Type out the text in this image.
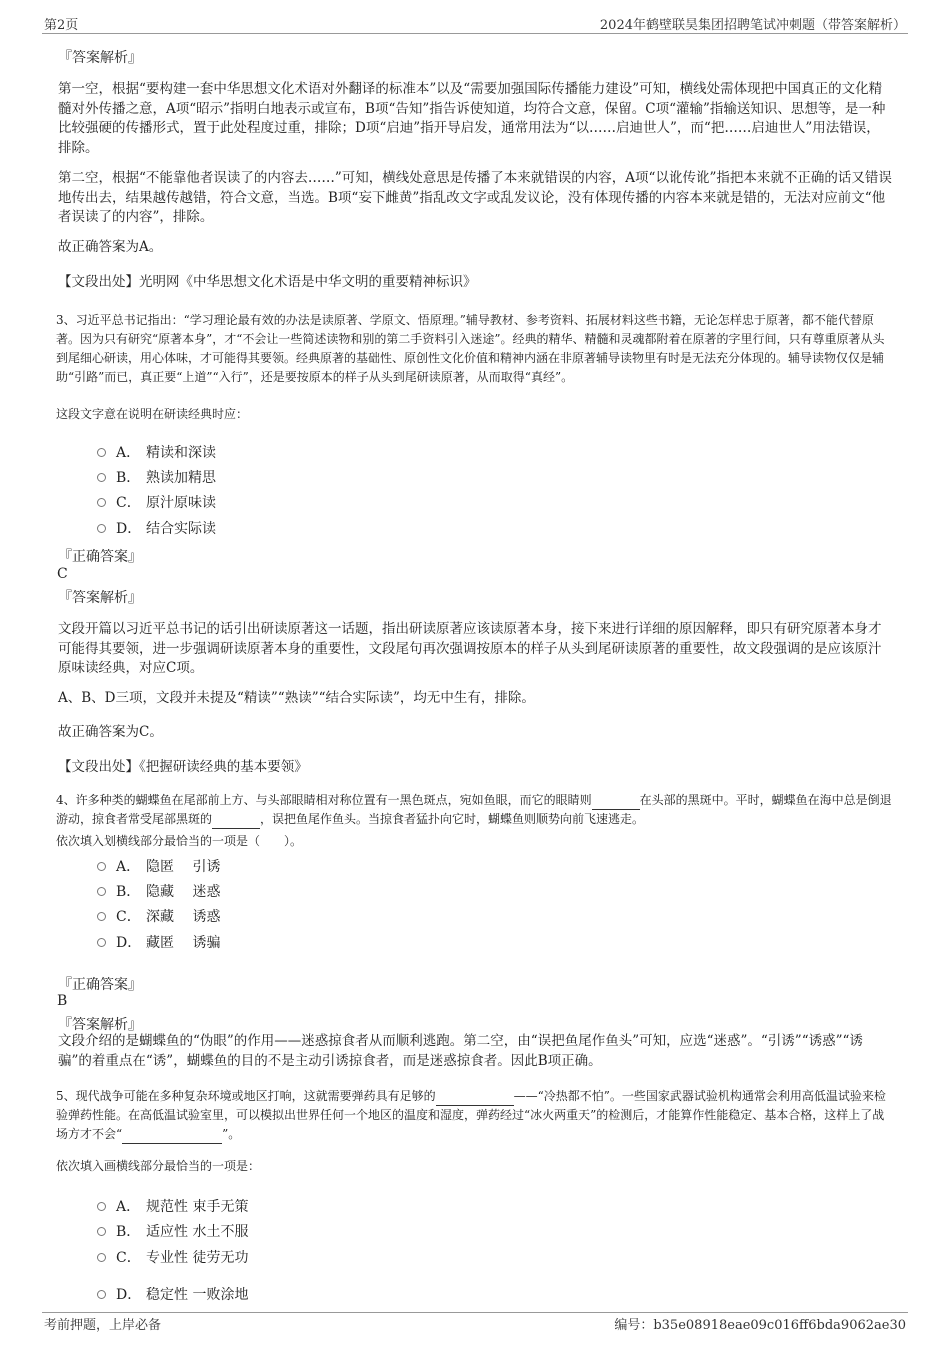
第2页	2024年鹤壁联昊集团招聘笔试冲刺题（带答案解析）
『答案解析』
第一空，根据“要构建一套中华思想文化术语对外翻译的标准本”以及“需要加强国际传播能力建设”可知，横线处需体现把中国真正的文化精髓对外传播之意，A项“昭示”指明白地表示或宣布，B项“告知”指告诉使知道，均符合文意，保留。C项“灌输”指输送知识、思想等，是一种比较强硬的传播形式，置于此处程度过重，排除；D项“启迪”指开导启发，通常用法为“以……启迪世人”，而“把……启迪世人”用法错误，排除。
第二空，根据“不能靠他者误读了的内容去……”可知，横线处意思是传播了本来就错误的内容，A项“以讹传讹”指把本来就不正确的话又错误地传出去，结果越传越错，符合文意，当选。B项“妄下雌黄”指乱改文字或乱发议论，没有体现传播的内容本来就是错的，无法对应前文“他者误读了的内容”，排除。
故正确答案为A。
【文段出处】光明网《中华思想文化术语是中华文明的重要精神标识》
3、习近平总书记指出：“学习理论最有效的办法是读原著、学原文、悟原理。”辅导教材、参考资料、拓展材料这些书籍，无论怎样忠于原著，都不能代替原著。因为只有研究“原著本身”，才“不会让一些简述读物和别的第二手资料引入迷途”。经典的精华、精髓和灵魂都附着在原著的字里行间，只有尊重原著从头到尾细心研读，用心体味，才可能得其要领。经典原著的基础性、原创性文化价值和精神内涵在非原著辅导读物里有时是无法充分体现的。辅导读物仅仅是辅助“引路”而已，真正要“上道”“入行”，还是要按原本的样子从头到尾研读原著，从而取得“真经”。
这段文字意在说明在研读经典时应：
A． 精读和深读
B． 熟读加精思
C． 原汁原味读
D． 结合实际读
『正确答案』
C
『答案解析』
文段开篇以习近平总书记的话引出研读原著这一话题，指出研读原著应该读原著本身，接下来进行详细的原因解释，即只有研究原著本身才可能得其要领，进一步强调研读原著本身的重要性，文段尾句再次强调按原本的样子从头到尾研读原著的重要性，故文段强调的是应该原汁原味读经典，对应C项。
A、B、D三项，文段并未提及“精读”“熟读”“结合实际读”，均无中生有，排除。
故正确答案为C。
【文段出处】《把握研读经典的基本要领》
4、许多种类的蝴蝶鱼在尾部前上方、与头部眼睛相对称位置有一黑色斑点，宛如鱼眼，而它的眼睛则	在头部的黑斑中。平时，蝴蝶鱼在海中总是倒退游动，掠食者常受尾部黑斑的	，误把鱼尾作鱼头。当掠食者猛扑向它时，蝴蝶鱼则顺势向前飞速逃走。
依次填入划横线部分最恰当的一项是（　　）。
A． 隐匿　 引诱
B． 隐藏　 迷惑
C． 深藏　 诱惑
D． 藏匿　 诱骗
『正确答案』
B
『答案解析』
文段介绍的是蝴蝶鱼的“伪眼”的作用——迷惑掠食者从而顺利逃跑。第二空，由“误把鱼尾作鱼头”可知，应选“迷惑”。“引诱”“诱惑”“诱骗”的着重点在“诱”，蝴蝶鱼的目的不是主动引诱掠食者，而是迷惑掠食者。因此B项正确。
5、现代战争可能在多种复杂环境或地区打响，这就需要弹药具有足够的	——“冷热都不怕”。一些国家武器试验机构通常会利用高低温试验来检验弹药性能。在高低温试验室里，可以模拟出世界任何一个地区的温度和湿度，弹药经过“冰火两重天”的检测后，才能算作性能稳定、基本合格，这样上了战场方才不会“	”。
依次填入画横线部分最恰当的一项是：
A． 规范性 束手无策
B． 适应性 水土不服
C． 专业性 徒劳无功
D． 稳定性 一败涂地
考前押题，上岸必备	编号：b35e08918eae09c016ff6bda9062ae30
